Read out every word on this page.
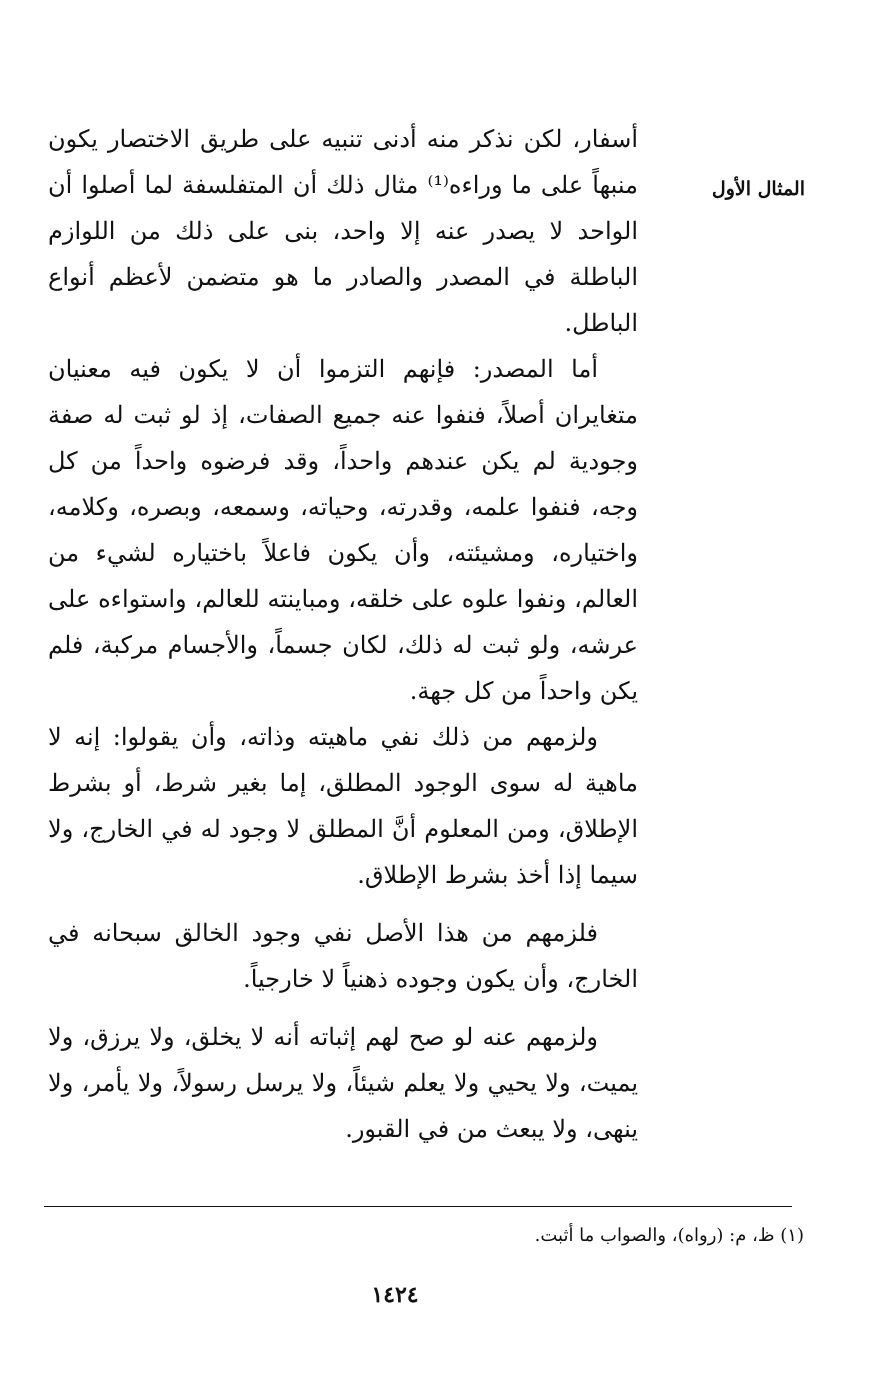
المثال الأول

أسفار، لكن نذكر منه أدنى تنبيه على طريق الاختصار يكون منبهاً على ما وراءه⁽¹⁾ مثال ذلك أن المتفلسفة لما أصلوا أن الواحد لا يصدر عنه إلا واحد، بنى على ذلك من اللوازم الباطلة في المصدر والصادر ما هو متضمن لأعظم أنواع الباطل.

أما المصدر: فإنهم التزموا أن لا يكون فيه معنيان متغايران أصلاً، فنفوا عنه جميع الصفات، إذ لو ثبت له صفة وجودية لم يكن عندهم واحداً، وقد فرضوه واحداً من كل وجه، فنفوا علمه، وقدرته، وحياته، وسمعه، وبصره، وكلامه، واختياره، ومشيئته، وأن يكون فاعلاً باختياره لشيء من العالم، ونفوا علوه على خلقه، ومباينته للعالم، واستواءه على عرشه، ولو ثبت له ذلك، لكان جسماً، والأجسام مركبة، فلم يكن واحداً من كل جهة.

ولزمهم من ذلك نفي ماهيته وذاته، وأن يقولوا: إنه لا ماهية له سوى الوجود المطلق، إما بغير شرط، أو بشرط الإطلاق، ومن المعلوم أنَّ المطلق لا وجود له في الخارج، ولا سيما إذا أخذ بشرط الإطلاق.

فلزمهم من هذا الأصل نفي وجود الخالق سبحانه في الخارج، وأن يكون وجوده ذهنياً لا خارجياً.

ولزمهم عنه لو صح لهم إثباته أنه لا يخلق، ولا يرزق، ولا يميت، ولا يحيي ولا يعلم شيئاً، ولا يرسل رسولاً، ولا يأمر، ولا ينهى، ولا يبعث من في القبور.

(١) ظ، م: (رواه)، والصواب ما أثبت.
١٤٢٤
